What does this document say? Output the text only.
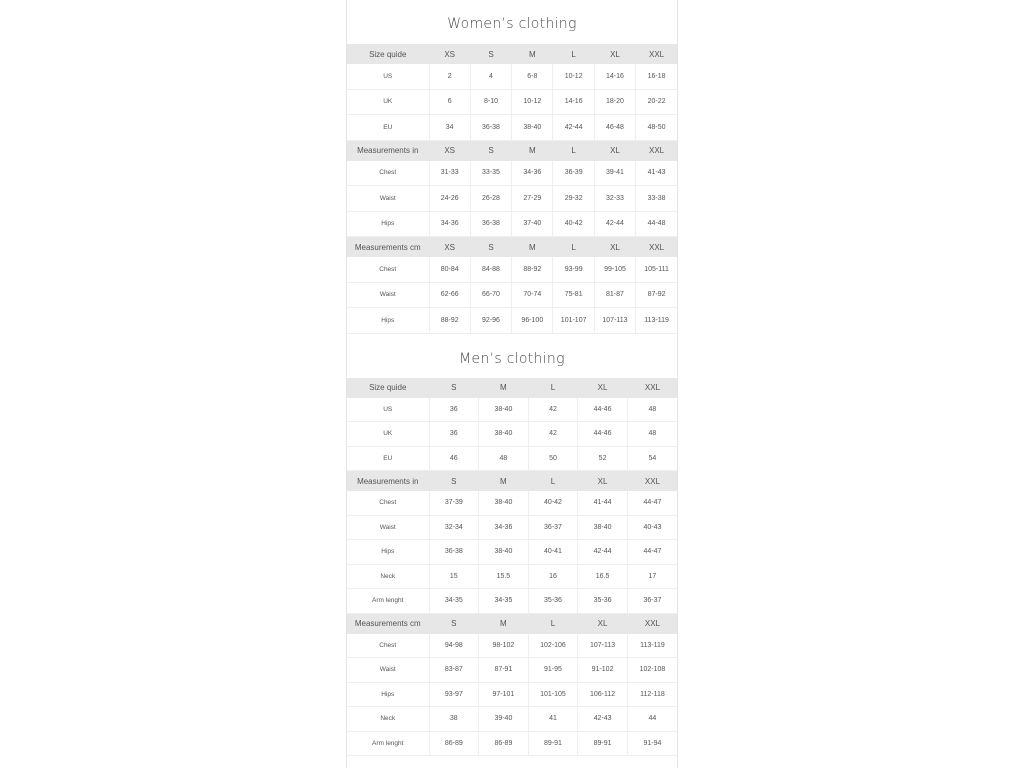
Women’s clothing
Size quide	XS	S	M	L	XL	XXL
US	2	4	6-8	10-12	14-16	16-18
UK	6	8-10	10-12	14-16	18-20	20-22
EU	34	36-38	38-40	42-44	46-48	48-50
Measurements in	XS	S	M	L	XL	XXL
Chest	31-33	33-35	34-36	36-39	39-41	41-43
Waist	24-26	26-28	27-29	29-32	32-33	33-38
Hips	34-36	36-38	37-40	40-42	42-44	44-48
Measurements cm	XS	S	M	L	XL	XXL
Chest	80-84	84-88	88-92	93-99	99-105	105-111
Waist	62-66	66-70	70-74	75-81	81-87	87-92
Hips	88-92	92-96	96-100	101-107	107-113	113-119
Men’s clothing
Size quide	S	M	L	XL	XXL
US	36	38-40	42	44-46	48
UK	36	38-40	42	44-46	48
EU	46	48	50	52	54
Measurements in	S	M	L	XL	XXL
Chest	37-39	38-40	40-42	41-44	44-47
Waist	32-34	34-36	36-37	38-40	40-43
Hips	36-38	38-40	40-41	42-44	44-47
Neck	15	15.5	16	16.5	17
Arm lenght	34-35	34-35	35-36	35-36	36-37
Measurements cm	S	M	L	XL	XXL
Chest	94-98	98-102	102-106	107-113	113-119
Waist	83-87	87-91	91-95	91-102	102-108
Hips	93-97	97-101	101-105	106-112	112-118
Neck	38	39-40	41	42-43	44
Arm lenght	86-89	86-89	89-91	89-91	91-94
